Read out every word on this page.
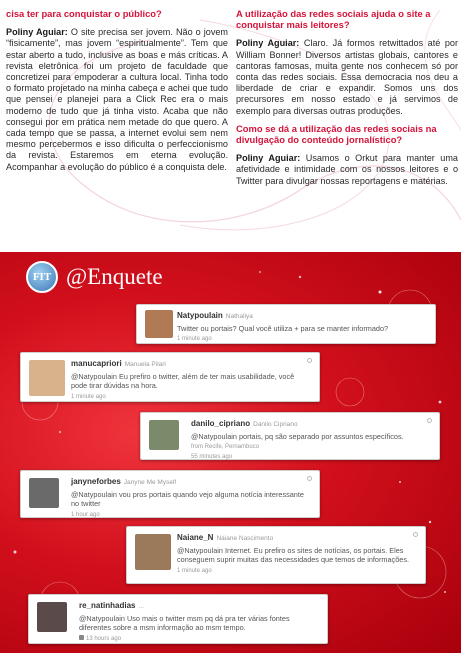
cisa ter para conquistar o público?
Poliny Aguiar: O site precisa ser jovem. Não o jovem “fisicamente”, mas jovem “espiritualmente”. Tem que estar aberto a tudo, inclusive as boas e más críticas. A revista eletrônica foi um projeto de faculdade que concretizei para empoderar a cultura local. Tinha todo o formato projetado na minha cabeça e achei que tudo que pensei e planejei para a Click Rec era o mais moderno de tudo que já tinha visto. Acaba que não consegui por em prática nem metade do que quero. A cada tempo que se passa, a internet evolui sem nem mesmo percebermos e isso dificulta o perfeccionismo da revista. Estaremos em eterna evolução. Acompanhar a evolução do público é a conquista dele.
A utilização das redes sociais ajuda o site a conquistar mais leitores?
Poliny Aguiar: Claro. Já formos retwittados até por William Bonner! Diversos artistas globais, cantores e cantoras famosas, muita gente nos conhecem só por conta das redes sociais. Essa democracia nos deu a liberdade de criar e expandir. Somos uns dos precursores em nosso estado e já servimos de exemplo para diversas outras produções.
Como se dá a utilização das redes sociais na divulgação do conteúdo jornalístico?
Poliny Aguiar: Usamos o Orkut para manter uma afetividade e intimidade com os nossos leitores e o Twitter para divulgar nossas reportagens e matérias.
FIT @Enquete
Natypoulain Nathaliya
Twitter ou portais? Qual você utiliza + para se manter informado?
1 minute ago
manucapriori Manuela Pilari
@Natypoulain Eu prefiro o twitter, além de ter mais usabilidade, você pode tirar dúvidas na hora.
1 minute ago
danilo_cipriano Danilo Cipriano
@Natypoulain portais, pq são separado por assuntos específicos.
from Recife, Pernambuco
55 minutes ago
janyneforbes Janyne Me Myself
@Natypoulain vou pros portais quando vejo alguma notícia interessante no twitter
1 hour ago
Naiane_N Naiane Nascimento
@Natypoulain Internet. Eu prefiro os sites de notícias, os portais. Eles conseguem suprir muitas das necessidades que temos de informações.
1 minute ago
re_natinhadias ...
@Natypoulain Uso mais o twitter msm pq dá pra ter várias fontes diferentes sobre a msm informação ao msm tempo.
13 hours ago
